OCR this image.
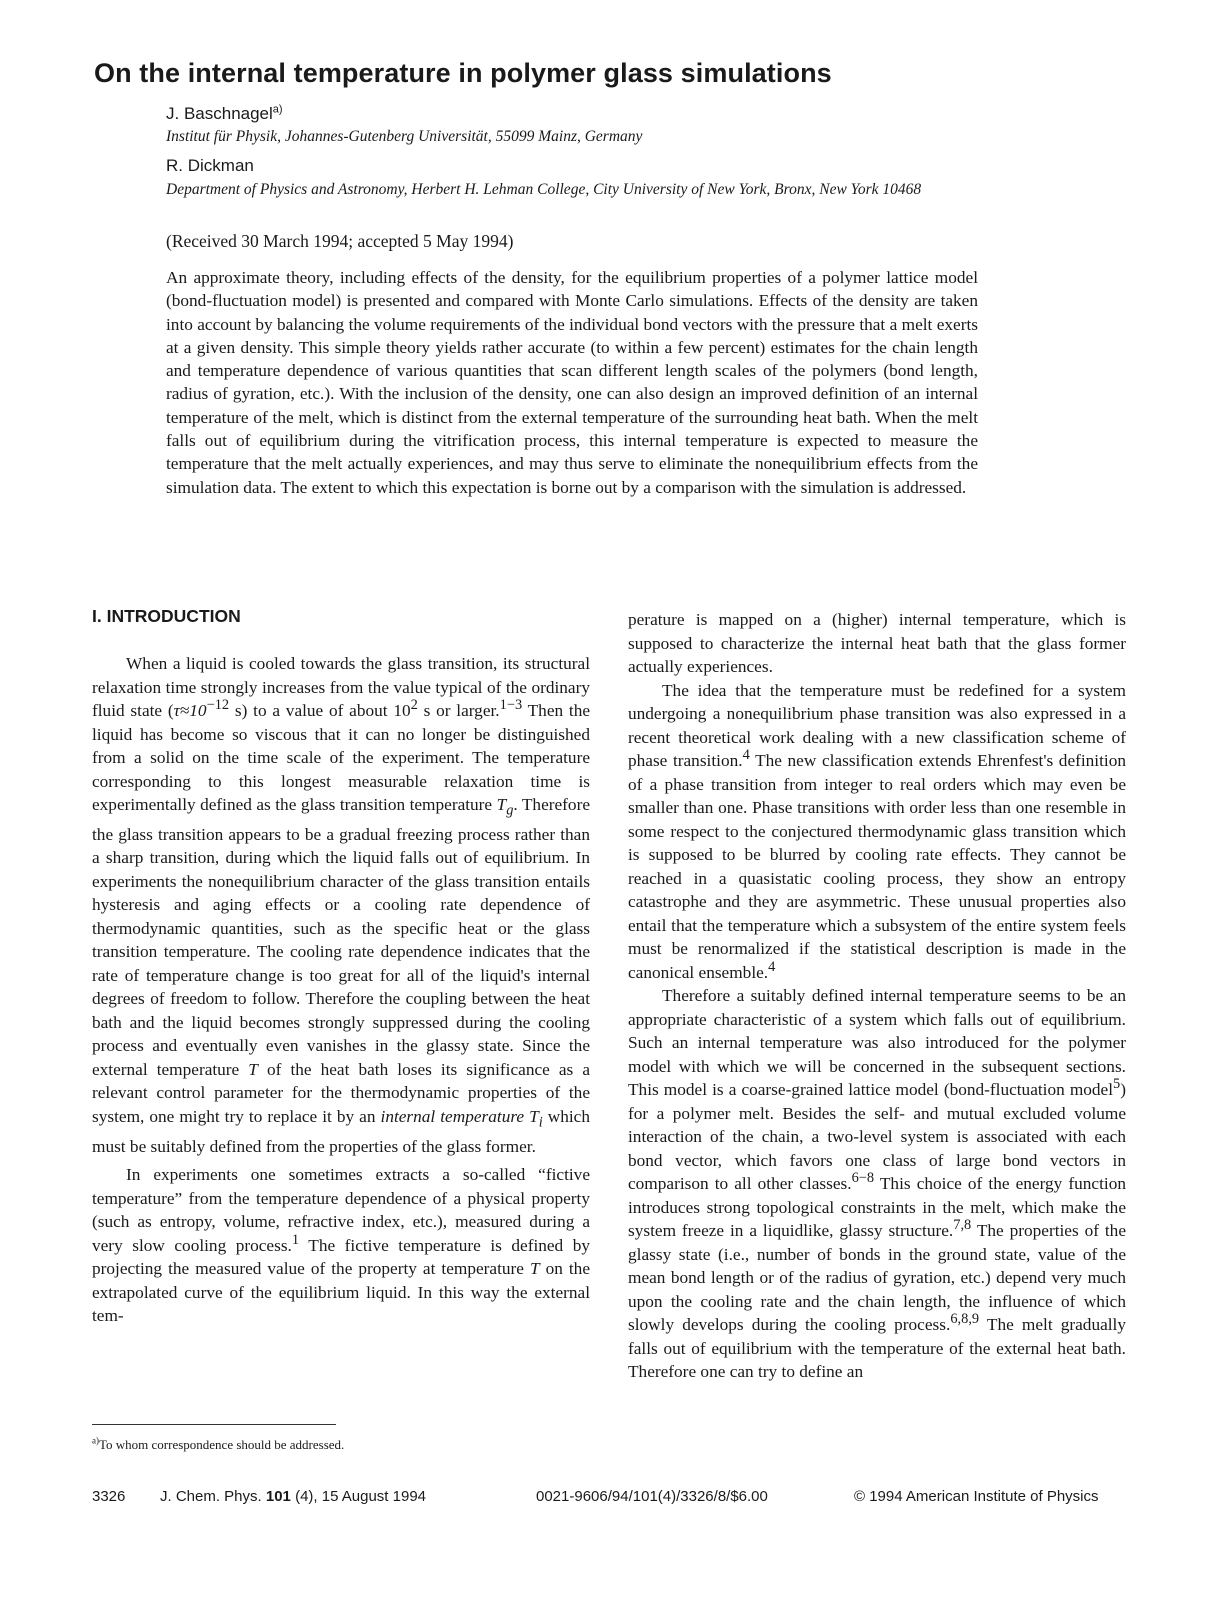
On the internal temperature in polymer glass simulations
J. Baschnagel$^{a)}$
Institut für Physik, Johannes-Gutenberg Universität, 55099 Mainz, Germany
R. Dickman
Department of Physics and Astronomy, Herbert H. Lehman College, City University of New York, Bronx, New York 10468
(Received 30 March 1994; accepted 5 May 1994)
An approximate theory, including effects of the density, for the equilibrium properties of a polymer lattice model (bond-fluctuation model) is presented and compared with Monte Carlo simulations. Effects of the density are taken into account by balancing the volume requirements of the individual bond vectors with the pressure that a melt exerts at a given density. This simple theory yields rather accurate (to within a few percent) estimates for the chain length and temperature dependence of various quantities that scan different length scales of the polymers (bond length, radius of gyration, etc.). With the inclusion of the density, one can also design an improved definition of an internal temperature of the melt, which is distinct from the external temperature of the surrounding heat bath. When the melt falls out of equilibrium during the vitrification process, this internal temperature is expected to measure the temperature that the melt actually experiences, and may thus serve to eliminate the nonequilibrium effects from the simulation data. The extent to which this expectation is borne out by a comparison with the simulation is addressed.
I. INTRODUCTION

When a liquid is cooled towards the glass transition, its structural relaxation time strongly increases from the value typical of the ordinary fluid state ($\tau\approx 10^{-12}$ s) to a value of about $10^2$ s or larger.$^{1-3}$ Then the liquid has become so viscous that it can no longer be distinguished from a solid on the time scale of the experiment. The temperature corresponding to this longest measurable relaxation time is experimentally defined as the glass transition temperature $T_g$. Therefore the glass transition appears to be a gradual freezing process rather than a sharp transition, during which the liquid falls out of equilibrium. In experiments the nonequilibrium character of the glass transition entails hysteresis and aging effects or a cooling rate dependence of thermodynamic quantities, such as the specific heat or the glass transition temperature. The cooling rate dependence indicates that the rate of temperature change is too great for all of the liquid's internal degrees of freedom to follow. Therefore the coupling between the heat bath and the liquid becomes strongly suppressed during the cooling process and eventually even vanishes in the glassy state. Since the external temperature T of the heat bath loses its significance as a relevant control parameter for the thermodynamic properties of the system, one might try to replace it by an internal temperature $T_i$ which must be suitably defined from the properties of the glass former.

In experiments one sometimes extracts a so-called “fictive temperature” from the temperature dependence of a physical property (such as entropy, volume, refractive index, etc.), measured during a very slow cooling process.$^1$ The fictive temperature is defined by projecting the measured value of the property at temperature T on the extrapolated curve of the equilibrium liquid. In this way the external tem-

perature is mapped on a (higher) internal temperature, which is supposed to characterize the internal heat bath that the glass former actually experiences.

The idea that the temperature must be redefined for a system undergoing a nonequilibrium phase transition was also expressed in a recent theoretical work dealing with a new classification scheme of phase transition.$^4$ The new classification extends Ehrenfest's definition of a phase transition from integer to real orders which may even be smaller than one. Phase transitions with order less than one resemble in some respect to the conjectured thermodynamic glass transition which is supposed to be blurred by cooling rate effects. They cannot be reached in a quasistatic cooling process, they show an entropy catastrophe and they are asymmetric. These unusual properties also entail that the temperature which a subsystem of the entire system feels must be renormalized if the statistical description is made in the canonical ensemble.$^4$

Therefore a suitably defined internal temperature seems to be an appropriate characteristic of a system which falls out of equilibrium. Such an internal temperature was also introduced for the polymer model with which we will be concerned in the subsequent sections. This model is a coarse-grained lattice model (bond-fluctuation model$^5$) for a polymer melt. Besides the self- and mutual excluded volume interaction of the chain, a two-level system is associated with each bond vector, which favors one class of large bond vectors in comparison to all other classes.$^{6-8}$ This choice of the energy function introduces strong topological constraints in the melt, which make the system freeze in a liquidlike, glassy structure.$^{7,8}$ The properties of the glassy state (i.e., number of bonds in the ground state, value of the mean bond length or of the radius of gyration, etc.) depend very much upon the cooling rate and the chain length, the influence of which slowly develops during the cooling process.$^{6,8,9}$ The melt gradually falls out of equilibrium with the temperature of the external heat bath. Therefore one can try to define an

$^{a)}$To whom correspondence should be addressed.
3326 J. Chem. Phys. 101 (4), 15 August 1994	0021-9606/94/101(4)/3326/8/$6.00	© 1994 American Institute of Physics
